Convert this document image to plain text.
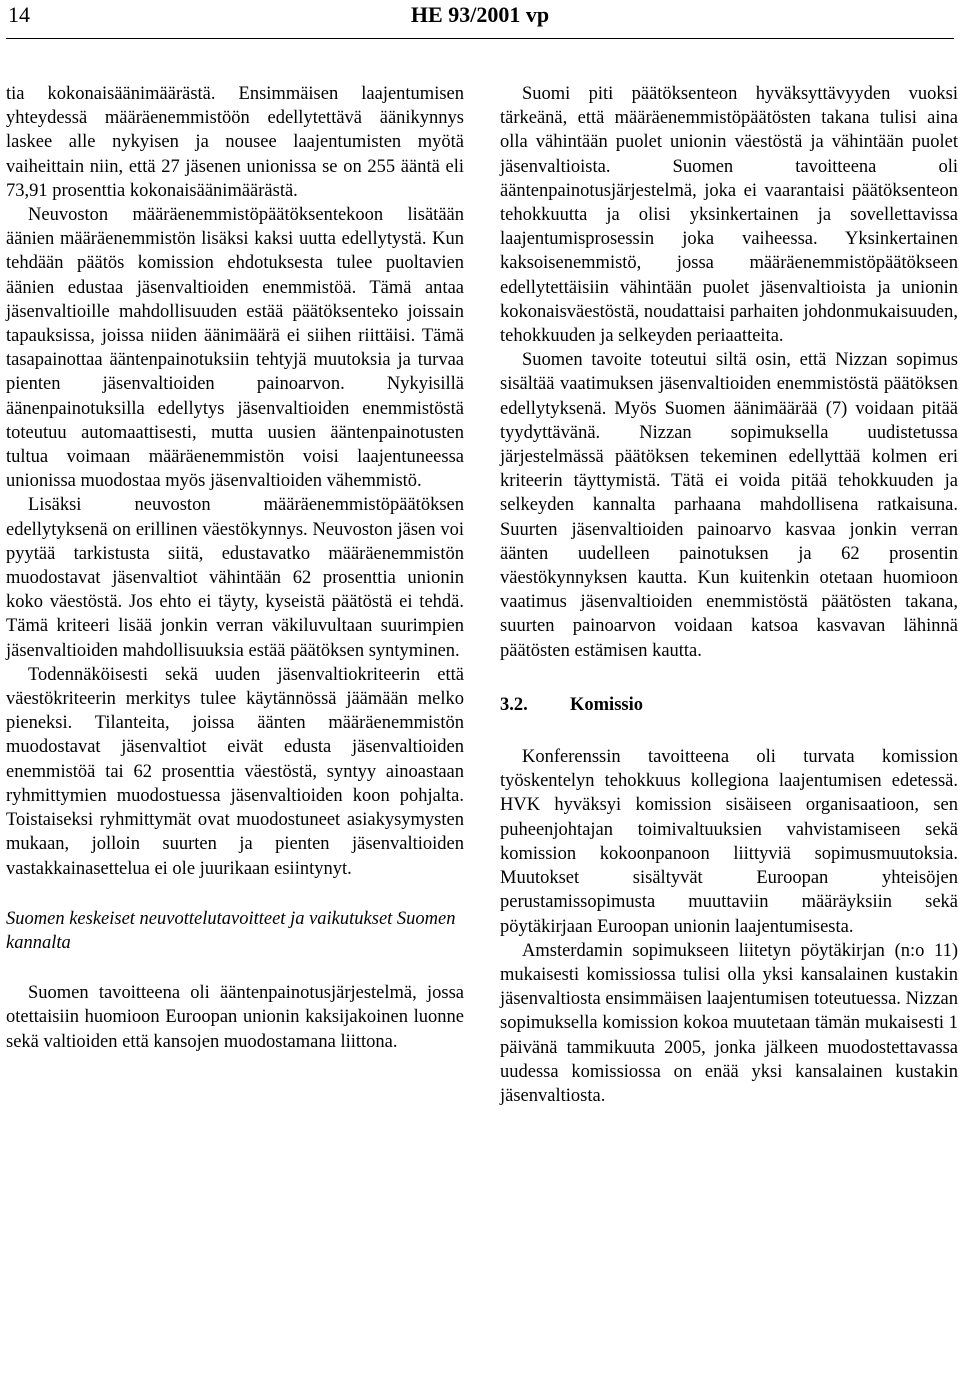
14	HE 93/2001 vp

tia kokonaisäänimäärästä. Ensimmäisen laajentumisen yhteydessä määräenemmistöön edellytettävä äänikynnys laskee alle nykyisen ja nousee laajentumisten myötä vaiheittain niin, että 27 jäsenen unionissa se on 255 ääntä eli 73,91 prosenttia kokonaisäänimäärästä.

Neuvoston määräenemmistöpäätöksentekoon lisätään äänien määräenemmistön lisäksi kaksi uutta edellytystä. Kun tehdään päätös komission ehdotuksesta tulee puoltavien äänien edustaa jäsenvaltioiden enemmistöä. Tämä antaa jäsenvaltioille mahdollisuuden estää päätöksenteko joissain tapauksissa, joissa niiden äänimäärä ei siihen riittäisi. Tämä tasapainottaa ääntenpainotuksiin tehtyjä muutoksia ja turvaa pienten jäsenvaltioiden painoarvon. Nykyisillä äänenpainotuksilla edellytys jäsenvaltioiden enemmistöstä toteutuu automaattisesti, mutta uusien ääntenpainotusten tultua voimaan määräenemmistön voisi laajentuneessa unionissa muodostaa myös jäsenvaltioiden vähemmistö.

Lisäksi neuvoston määräenemmistöpäätöksen edellytyksenä on erillinen väestökynnys. Neuvoston jäsen voi pyytää tarkistusta siitä, edustavatko määräenemmistön muodostavat jäsenvaltiot vähintään 62 prosenttia unionin koko väestöstä. Jos ehto ei täyty, kyseistä päätöstä ei tehdä. Tämä kriteeri lisää jonkin verran väkiluvultaan suurimpien jäsenvaltioiden mahdollisuuksia estää päätöksen syntyminen.

Todennäköisesti sekä uuden jäsenvaltiokriteerin että väestökriteerin merkitys tulee käytännössä jäämään melko pieneksi. Tilanteita, joissa äänten määräenemmistön muodostavat jäsenvaltiot eivät edusta jäsenvaltioiden enemmistöä tai 62 prosenttia väestöstä, syntyy ainoastaan ryhmittymien muodostuessa jäsenvaltioiden koon pohjalta. Toistaiseksi ryhmittymät ovat muodostuneet asiakysymysten mukaan, jolloin suurten ja pienten jäsenvaltioiden vastakkainasettelua ei ole juurikaan esiintynyt.

Suomen keskeiset neuvottelutavoitteet ja vaikutukset Suomen kannalta

Suomen tavoitteena oli ääntenpainotusjärjestelmä, jossa otettaisiin huomioon Euroopan unionin kaksijakoinen luonne sekä valtioiden että kansojen muodostamana liittona.

Suomi piti päätöksenteon hyväksyttävyyden vuoksi tärkeänä, että määräenemmistöpäätösten takana tulisi aina olla vähintään puolet unionin väestöstä ja vähintään puolet jäsenvaltioista. Suomen tavoitteena oli ääntenpainotusjärjestelmä, joka ei vaarantaisi päätöksenteon tehokkuutta ja olisi yksinkertainen ja sovellettavissa laajentumisprosessin joka vaiheessa. Yksinkertainen kaksoisenemmistö, jossa määräenemmistöpäätökseen edellytettäisiin vähintään puolet jäsenvaltioista ja unionin kokonaisväestöstä, noudattaisi parhaiten johdonmukaisuuden, tehokkuuden ja selkeyden periaatteita.

Suomen tavoite toteutui siltä osin, että Nizzan sopimus sisältää vaatimuksen jäsenvaltioiden enemmistöstä päätöksen edellytyksenä. Myös Suomen äänimäärää (7) voidaan pitää tyydyttävänä. Nizzan sopimuksella uudistetussa järjestelmässä päätöksen tekeminen edellyttää kolmen eri kriteerin täyttymistä. Tätä ei voida pitää tehokkuuden ja selkeyden kannalta parhaana mahdollisena ratkaisuna. Suurten jäsenvaltioiden painoarvo kasvaa jonkin verran äänten uudelleen painotuksen ja 62 prosentin väestökynnyksen kautta. Kun kuitenkin otetaan huomioon vaatimus jäsenvaltioiden enemmistöstä päätösten takana, suurten painoarvon voidaan katsoa kasvavan lähinnä päätösten estämisen kautta.

3.2.	Komissio

Konferenssin tavoitteena oli turvata komission työskentelyn tehokkuus kollegiona laajentumisen edetessä. HVK hyväksyi komission sisäiseen organisaatioon, sen puheenjohtajan toimivaltuuksien vahvistamiseen sekä komission kokoonpanoon liittyviä sopimusmuutoksia. Muutokset sisältyvät Euroopan yhteisöjen perustamissopimusta muuttaviin määräyksiin sekä pöytäkirjaan Euroopan unionin laajentumisesta.

Amsterdamin sopimukseen liitetyn pöytäkirjan (n:o 11) mukaisesti komissiossa tulisi olla yksi kansalainen kustakin jäsenvaltiosta ensimmäisen laajentumisen toteutuessa. Nizzan sopimuksella komission kokoa muutetaan tämän mukaisesti 1 päivänä tammikuuta 2005, jonka jälkeen muodostettavassa uudessa komissiossa on enää yksi kansalainen kustakin jäsenvaltiosta.
